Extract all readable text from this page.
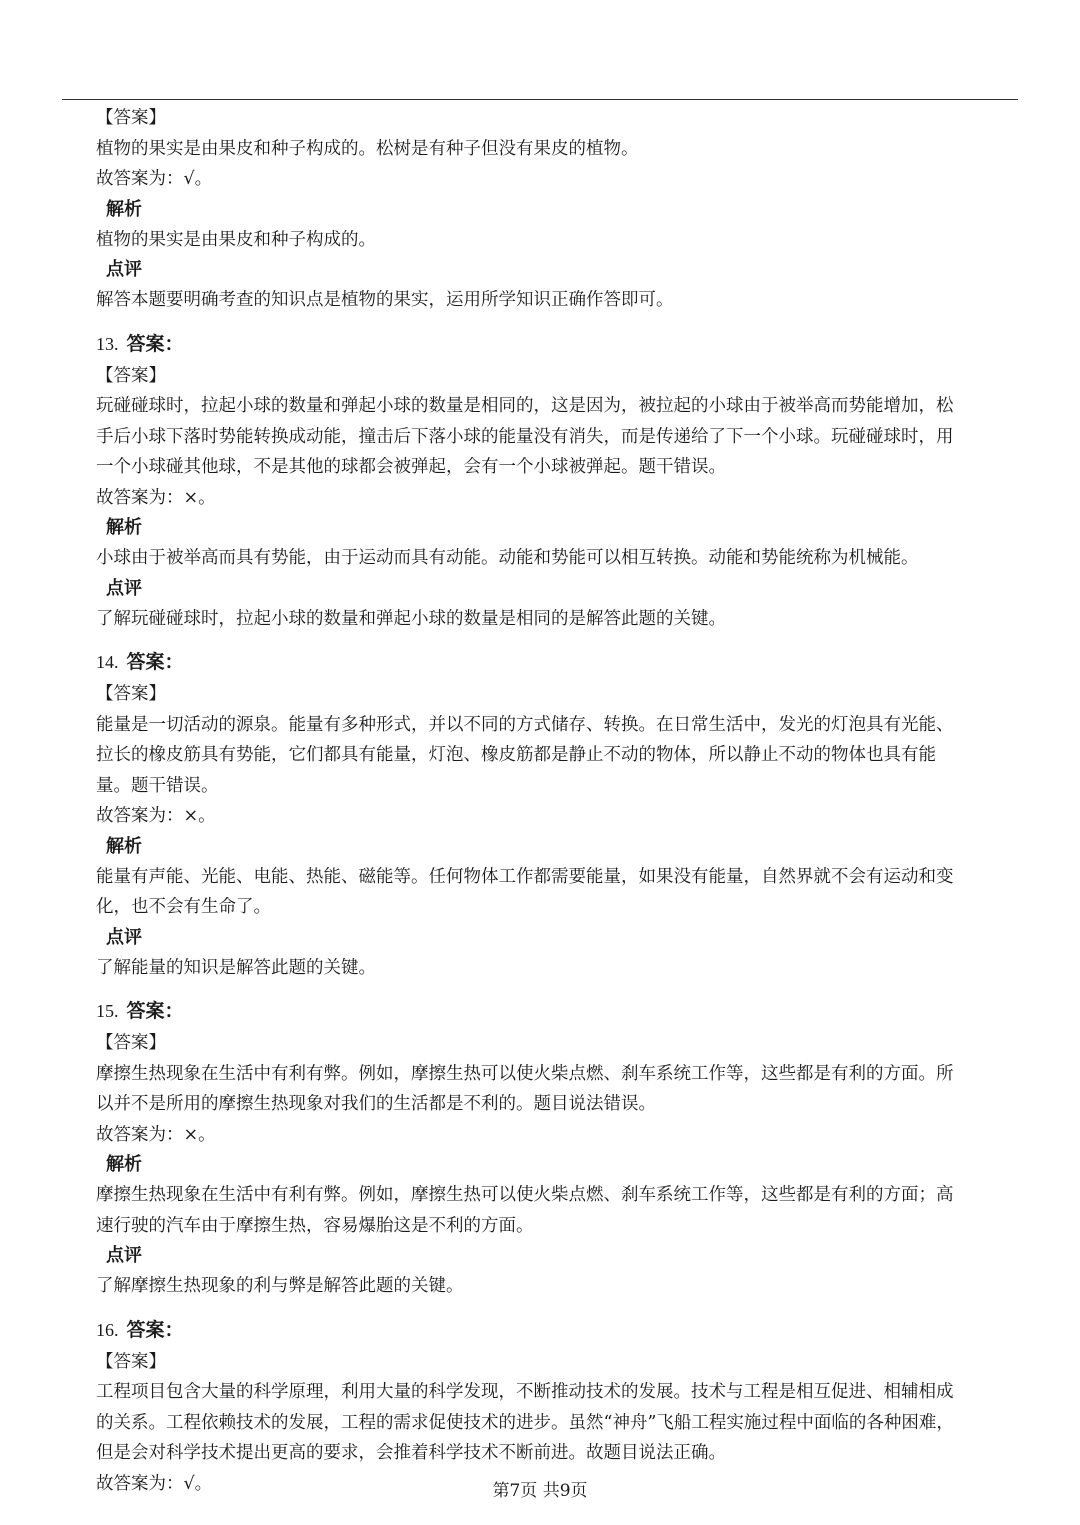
【答案】
植物的果实是由果皮和种子构成的。松树是有种子但没有果皮的植物。
故答案为：√。
解析
植物的果实是由果皮和种子构成的。
点评
解答本题要明确考查的知识点是植物的果实，运用所学知识正确作答即可。
13. 答案：
【答案】
玩碰碰球时，拉起小球的数量和弹起小球的数量是相同的，这是因为，被拉起的小球由于被举高而势能增加，松
手后小球下落时势能转换成动能，撞击后下落小球的能量没有消失，而是传递给了下一个小球。玩碰碰球时，用
一个小球碰其他球，不是其他的球都会被弹起，会有一个小球被弹起。题干错误。
故答案为：×。
解析
小球由于被举高而具有势能，由于运动而具有动能。动能和势能可以相互转换。动能和势能统称为机械能。
点评
了解玩碰碰球时，拉起小球的数量和弹起小球的数量是相同的是解答此题的关键。
14. 答案：
【答案】
能量是一切活动的源泉。能量有多种形式，并以不同的方式储存、转换。在日常生活中，发光的灯泡具有光能、
拉长的橡皮筋具有势能，它们都具有能量，灯泡、橡皮筋都是静止不动的物体，所以静止不动的物体也具有能
量。题干错误。
故答案为：×。
解析
能量有声能、光能、电能、热能、磁能等。任何物体工作都需要能量，如果没有能量，自然界就不会有运动和变
化，也不会有生命了。
点评
了解能量的知识是解答此题的关键。
15. 答案：
【答案】
摩擦生热现象在生活中有利有弊。例如，摩擦生热可以使火柴点燃、刹车系统工作等，这些都是有利的方面。所
以并不是所用的摩擦生热现象对我们的生活都是不利的。题目说法错误。
故答案为：×。
解析
摩擦生热现象在生活中有利有弊。例如，摩擦生热可以使火柴点燃、刹车系统工作等，这些都是有利的方面；高
速行驶的汽车由于摩擦生热，容易爆胎这是不利的方面。
点评
了解摩擦生热现象的利与弊是解答此题的关键。
16. 答案：
【答案】
工程项目包含大量的科学原理，利用大量的科学发现，不断推动技术的发展。技术与工程是相互促进、相辅相成
的关系。工程依赖技术的发展，工程的需求促使技术的进步。虽然“神舟”飞船工程实施过程中面临的各种困难，
但是会对科学技术提出更高的要求，会推着科学技术不断前进。故题目说法正确。
故答案为：√。	第7页 共9页
